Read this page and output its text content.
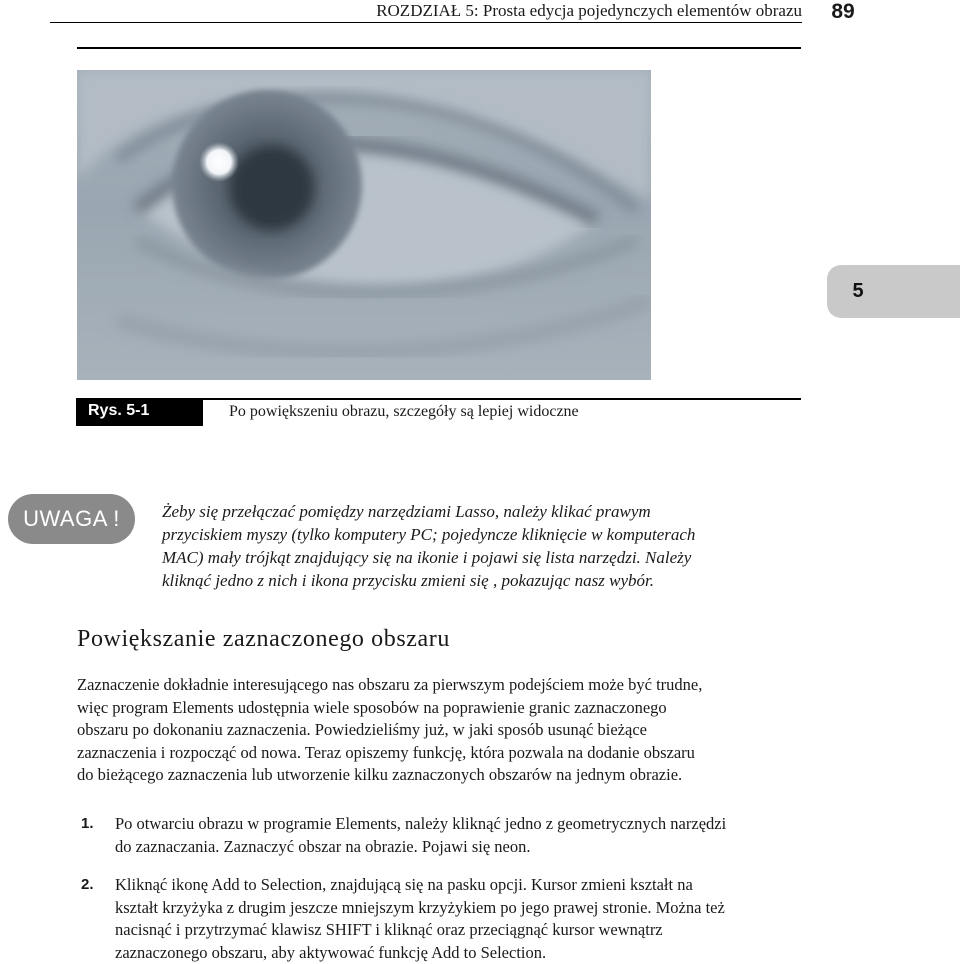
ROZDZIAŁ 5: Prosta edycja pojedynczych elementów obrazu	89
5
Rys. 5-1	Po powiększeniu obrazu, szczegóły są lepiej widoczne
UWAGA !	Żeby się przełączać pomiędzy narzędziami Lasso, należy klikać prawym
przyciskiem myszy (tylko komputery PC; pojedyncze kliknięcie w komputerach
MAC) mały trójkąt znajdujący się na ikonie i pojawi się lista narzędzi. Należy
kliknąć jedno z nich i ikona przycisku zmieni się , pokazując nasz wybór.

Powiększanie zaznaczonego obszaru

Zaznaczenie dokładnie interesującego nas obszaru za pierwszym podejściem może być trudne,
więc program Elements udostępnia wiele sposobów na poprawienie granic zaznaczonego
obszaru po dokonaniu zaznaczenia. Powiedzieliśmy już, w jaki sposób usunąć bieżące
zaznaczenia i rozpocząć od nowa. Teraz opiszemy funkcję, która pozwala na dodanie obszaru
do bieżącego zaznaczenia lub utworzenie kilku zaznaczonych obszarów na jednym obrazie.

1. Po otwarciu obrazu w programie Elements, należy kliknąć jedno z geometrycznych narzędzi
do zaznaczania. Zaznaczyć obszar na obrazie. Pojawi się neon.

2. Kliknąć ikonę Add to Selection, znajdującą się na pasku opcji. Kursor zmieni kształt na
kształt krzyżyka z drugim jeszcze mniejszym krzyżykiem po jego prawej stronie. Można też
nacisnąć i przytrzymać klawisz SHIFT i kliknąć oraz przeciągnąć kursor wewnątrz
zaznaczonego obszaru, aby aktywować funkcję Add to Selection.
